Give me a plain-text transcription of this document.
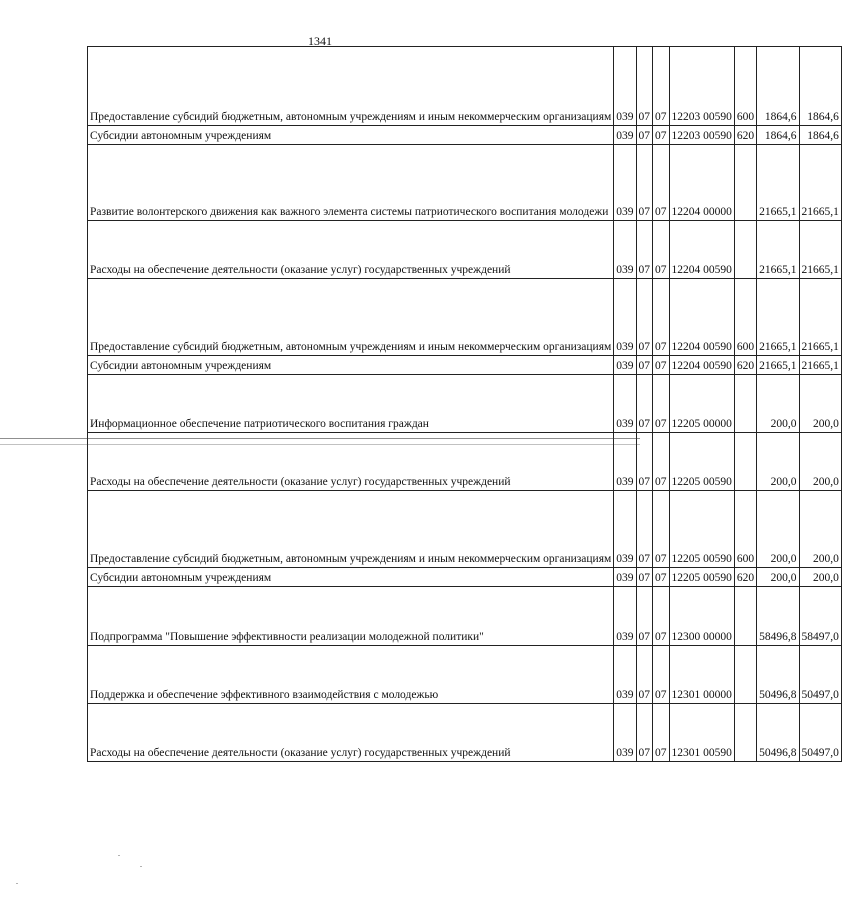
1341
Предоставление субсидий бюджетным, автономным учреждениям и иным некоммерческим организациям	039	07	07	12203 00590	600	1864,6	1864,6
Субсидии автономным учреждениям	039	07	07	12203 00590	620	1864,6	1864,6
Развитие волонтерского движения как важного элемента системы патриотического воспитания молодежи	039	07	07	12204 00000		21665,1	21665,1
Расходы на обеспечение деятельности (оказание услуг) государственных учреждений	039	07	07	12204 00590		21665,1	21665,1
Предоставление субсидий бюджетным, автономным учреждениям и иным некоммерческим организациям	039	07	07	12204 00590	600	21665,1	21665,1
Субсидии автономным учреждениям	039	07	07	12204 00590	620	21665,1	21665,1
Информационное обеспечение патриотического воспитания граждан	039	07	07	12205 00000		200,0	200,0
Расходы на обеспечение деятельности (оказание услуг) государственных учреждений	039	07	07	12205 00590		200,0	200,0
Предоставление субсидий бюджетным, автономным учреждениям и иным некоммерческим организациям	039	07	07	12205 00590	600	200,0	200,0
Субсидии автономным учреждениям	039	07	07	12205 00590	620	200,0	200,0
Подпрограмма "Повышение эффективности реализации молодежной политики"	039	07	07	12300 00000		58496,8	58497,0
Поддержка и обеспечение эффективного взаимодействия с молодежью	039	07	07	12301 00000		50496,8	50497,0
Расходы на обеспечение деятельности (оказание услуг) государственных учреждений	039	07	07	12301 00590		50496,8	50497,0
